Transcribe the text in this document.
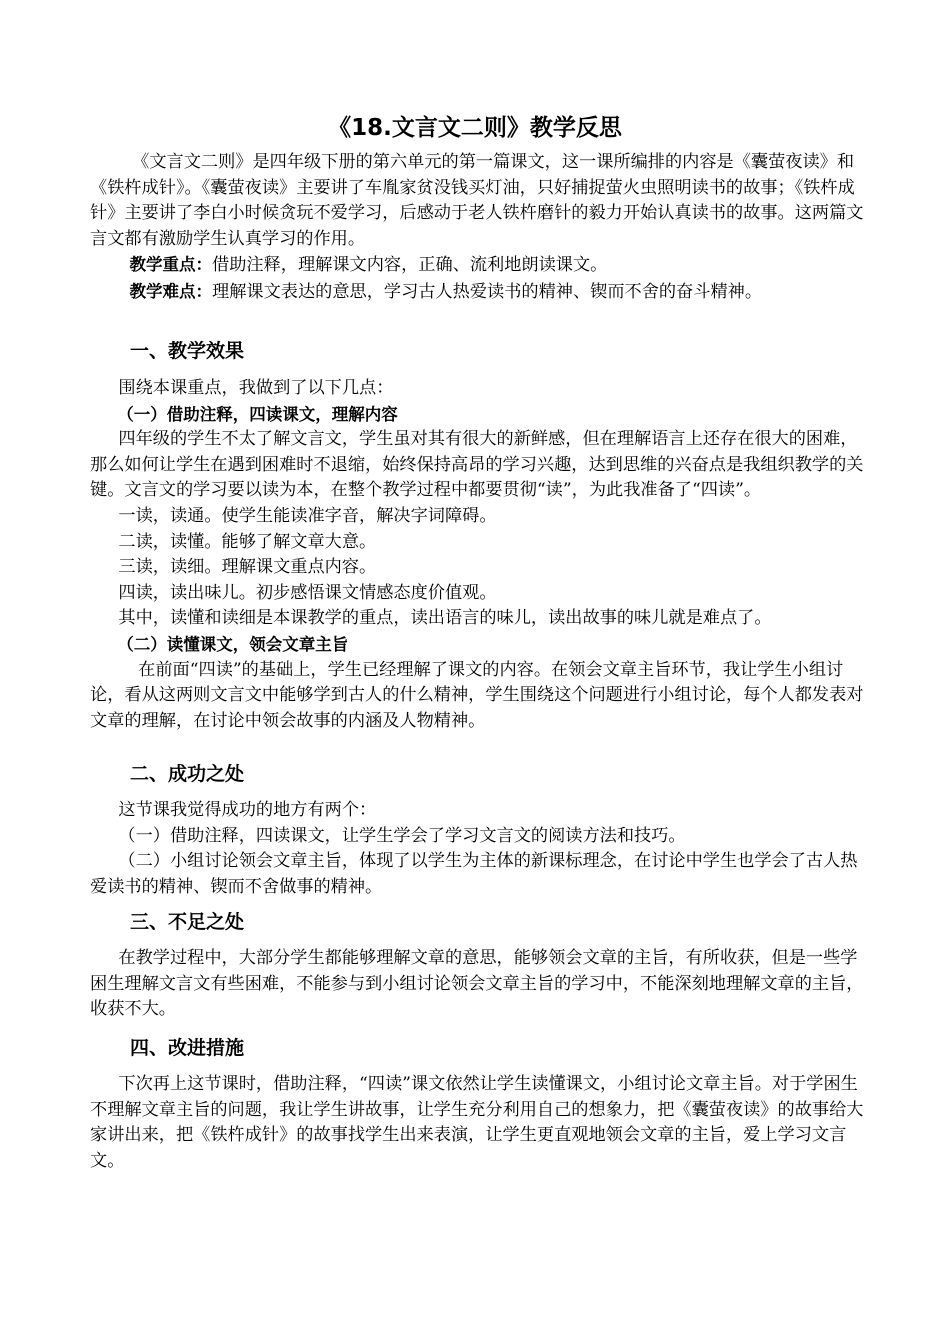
《18.文言文二则》教学反思

《文言文二则》是四年级下册的第六单元的第一篇课文，这一课所编排的内容是《囊萤夜读》和《铁杵成针》。《囊萤夜读》主要讲了车胤家贫没钱买灯油，只好捕捉萤火虫照明读书的故事；《铁杵成针》主要讲了李白小时候贪玩不爱学习，后感动于老人铁杵磨针的毅力开始认真读书的故事。这两篇文言文都有激励学生认真学习的作用。

教学重点：借助注释，理解课文内容，正确、流利地朗读课文。

教学难点：理解课文表达的意思，学习古人热爱读书的精神、锲而不舍的奋斗精神。

一、教学效果

围绕本课重点，我做到了以下几点：

（一）借助注释，四读课文，理解内容

四年级的学生不太了解文言文，学生虽对其有很大的新鲜感，但在理解语言上还存在很大的困难，那么如何让学生在遇到困难时不退缩，始终保持高昂的学习兴趣，达到思维的兴奋点是我组织教学的关键。文言文的学习要以读为本，在整个教学过程中都要贯彻“读”，为此我准备了“四读”。

一读，读通。使学生能读准字音，解决字词障碍。

二读，读懂。能够了解文章大意。

三读，读细。理解课文重点内容。

四读，读出味儿。初步感悟课文情感态度价值观。

其中，读懂和读细是本课教学的重点，读出语言的味儿，读出故事的味儿就是难点了。

（二）读懂课文，领会文章主旨

在前面“四读”的基础上，学生已经理解了课文的内容。在领会文章主旨环节，我让学生小组讨论，看从这两则文言文中能够学到古人的什么精神，学生围绕这个问题进行小组讨论，每个人都发表对文章的理解，在讨论中领会故事的内涵及人物精神。

二、成功之处

这节课我觉得成功的地方有两个：

（一）借助注释，四读课文，让学生学会了学习文言文的阅读方法和技巧。

（二）小组讨论领会文章主旨，体现了以学生为主体的新课标理念，在讨论中学生也学会了古人热爱读书的精神、锲而不舍做事的精神。

三、不足之处

在教学过程中，大部分学生都能够理解文章的意思，能够领会文章的主旨，有所收获，但是一些学困生理解文言文有些困难，不能参与到小组讨论领会文章主旨的学习中，不能深刻地理解文章的主旨，收获不大。

四、改进措施

下次再上这节课时，借助注释，“四读”课文依然让学生读懂课文，小组讨论文章主旨。对于学困生不理解文章主旨的问题，我让学生讲故事，让学生充分利用自己的想象力，把《囊萤夜读》的故事给大家讲出来，把《铁杵成针》的故事找学生出来表演，让学生更直观地领会文章的主旨，爱上学习文言文。
